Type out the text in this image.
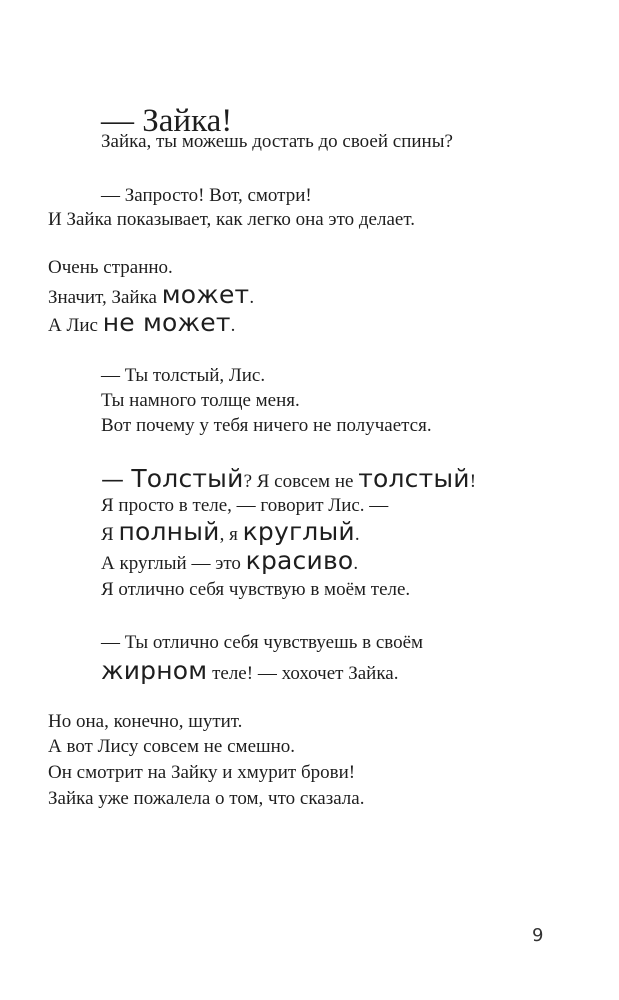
— Зайка!
Зайка, ты можешь достать до своей спины?
— Запросто! Вот, смотри!
И Зайка показывает, как легко она это делает.
Очень странно.
Значит, Зайка может.
А Лис не может.
— Ты толстый, Лис.
Ты намного толще меня.
Вот почему у тебя ничего не получается.
— Толстый? Я совсем не толстый!
Я просто в теле, — говорит Лис. —
Я полный, я круглый.
А круглый — это красиво.
Я отлично себя чувствую в моём теле.
— Ты отлично себя чувствуешь в своём
жирном теле! — хохочет Зайка.
Но она, конечно, шутит.
А вот Лису совсем не смешно.
Он смотрит на Зайку и хмурит брови!
Зайка уже пожалела о том, что сказала.
9
